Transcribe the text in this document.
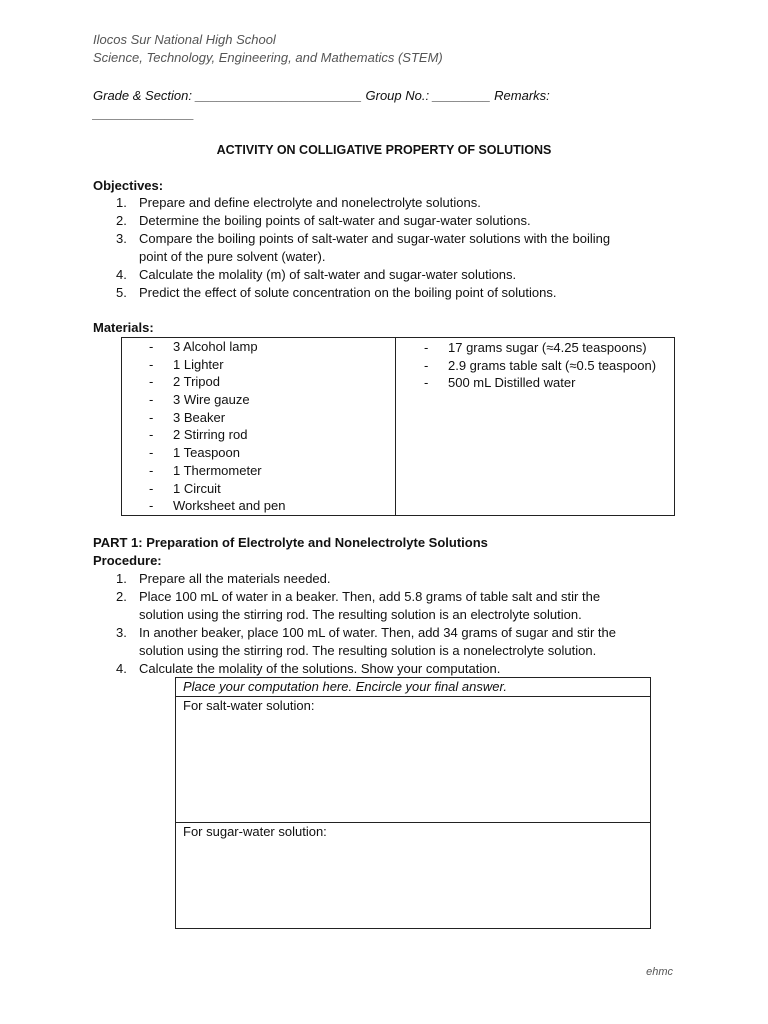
Ilocos Sur National High School
Science, Technology, Engineering, and Mathematics (STEM)
Grade & Section: _______________________ Group No.: ________ Remarks:
______________
ACTIVITY ON COLLIGATIVE PROPERTY OF SOLUTIONS
Objectives:
1. Prepare and define electrolyte and nonelectrolyte solutions.
2. Determine the boiling points of salt-water and sugar-water solutions.
3. Compare the boiling points of salt-water and sugar-water solutions with the boiling
point of the pure solvent (water).
4. Calculate the molality (m) of salt-water and sugar-water solutions.
5. Predict the effect of solute concentration on the boiling point of solutions.
Materials:
- 3 Alcohol lamp
- 1 Lighter
- 2 Tripod
- 3 Wire gauze
- 3 Beaker
- 2 Stirring rod
- 1 Teaspoon
- 1 Thermometer
- 1 Circuit
- Worksheet and pen
- 17 grams sugar (≈4.25 teaspoons)
- 2.9 grams table salt (≈0.5 teaspoon)
- 500 mL Distilled water
PART 1: Preparation of Electrolyte and Nonelectrolyte Solutions
Procedure:
1. Prepare all the materials needed.
2. Place 100 mL of water in a beaker. Then, add 5.8 grams of table salt and stir the
solution using the stirring rod. The resulting solution is an electrolyte solution.
3. In another beaker, place 100 mL of water. Then, add 34 grams of sugar and stir the
solution using the stirring rod. The resulting solution is a nonelectrolyte solution.
4. Calculate the molality of the solutions. Show your computation.
Place your computation here. Encircle your final answer.
For salt-water solution:
For sugar-water solution:
ehmc
